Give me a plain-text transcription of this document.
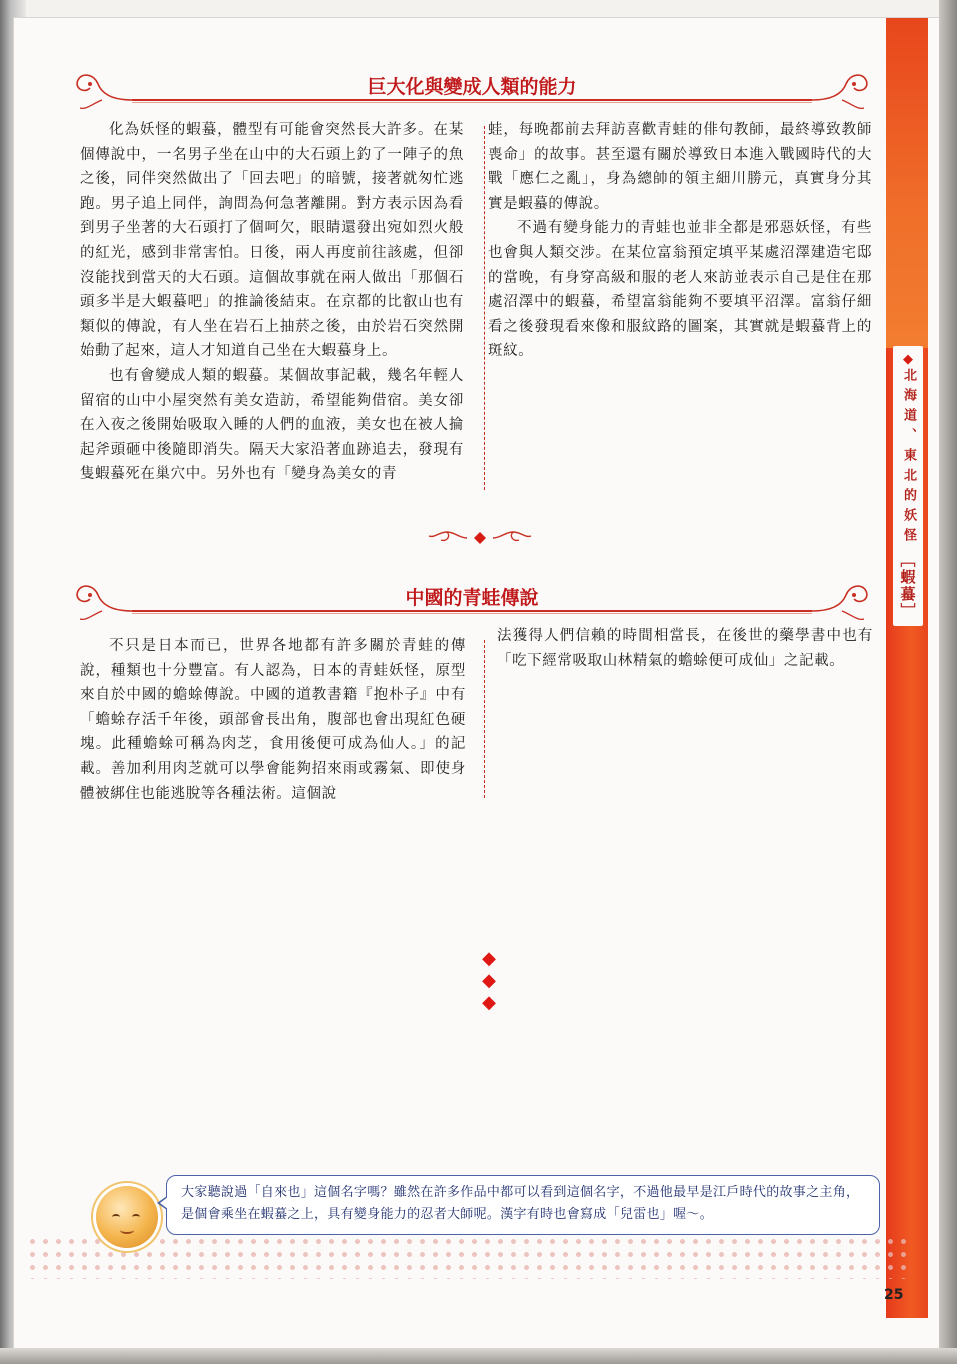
◆
北海道、東北的妖怪
［蝦蟇］
巨大化與變成人類的能力

化為妖怪的蝦蟇，體型有可能會突然長大許多。在某個傳說中，一名男子坐在山中的大石頭上釣了一陣子的魚之後，同伴突然做出了「回去吧」的暗號，接著就匆忙逃跑。男子追上同伴，詢問為何急著離開。對方表示因為看到男子坐著的大石頭打了個呵欠，眼睛還發出宛如烈火般的紅光，感到非常害怕。日後，兩人再度前往該處，但卻沒能找到當天的大石頭。這個故事就在兩人做出「那個石頭多半是大蝦蟇吧」的推論後結束。在京都的比叡山也有類似的傳說，有人坐在岩石上抽菸之後，由於岩石突然開始動了起來，這人才知道自己坐在大蝦蟇身上。

也有會變成人類的蝦蟇。某個故事記載，幾名年輕人留宿的山中小屋突然有美女造訪，希望能夠借宿。美女卻在入夜之後開始吸取入睡的人們的血液，美女也在被人掄起斧頭砸中後隨即消失。隔天大家沿著血跡追去，發現有隻蝦蟇死在巢穴中。另外也有「變身為美女的青

蛙，每晚都前去拜訪喜歡青蛙的俳句教師，最終導致教師喪命」的故事。甚至還有關於導致日本進入戰國時代的大戰「應仁之亂」，身為總帥的領主細川勝元，真實身分其實是蝦蟇的傳說。

不過有變身能力的青蛙也並非全都是邪惡妖怪，有些也會與人類交涉。在某位富翁預定填平某處沼澤建造宅邸的當晚，有身穿高級和服的老人來訪並表示自己是住在那處沼澤中的蝦蟇，希望富翁能夠不要填平沼澤。富翁仔細看之後發現看來像和服紋路的圖案，其實就是蝦蟇背上的斑紋。

中國的青蛙傳說

不只是日本而已，世界各地都有許多關於青蛙的傳說，種類也十分豐富。有人認為，日本的青蛙妖怪，原型來自於中國的蟾蜍傳說。中國的道教書籍『抱朴子』中有「蟾蜍存活千年後，頭部會長出角，腹部也會出現紅色硬塊。此種蟾蜍可稱為肉芝，食用後便可成為仙人。」的記載。善加利用肉芝就可以學會能夠招來雨或霧氣、即使身體被綁住也能逃脫等各種法術。這個說

法獲得人們信賴的時間相當長，在後世的藥學書中也有「吃下經常吸取山林精氣的蟾蜍便可成仙」之記載。

◆
◆
◆
大家聽說過「自來也」這個名字嗎？雖然在許多作品中都可以看到這個名字，不過他最早是江戶時代的故事之主角，是個會乘坐在蝦蟇之上，具有變身能力的忍者大師呢。漢字有時也會寫成「兒雷也」喔～。
25
